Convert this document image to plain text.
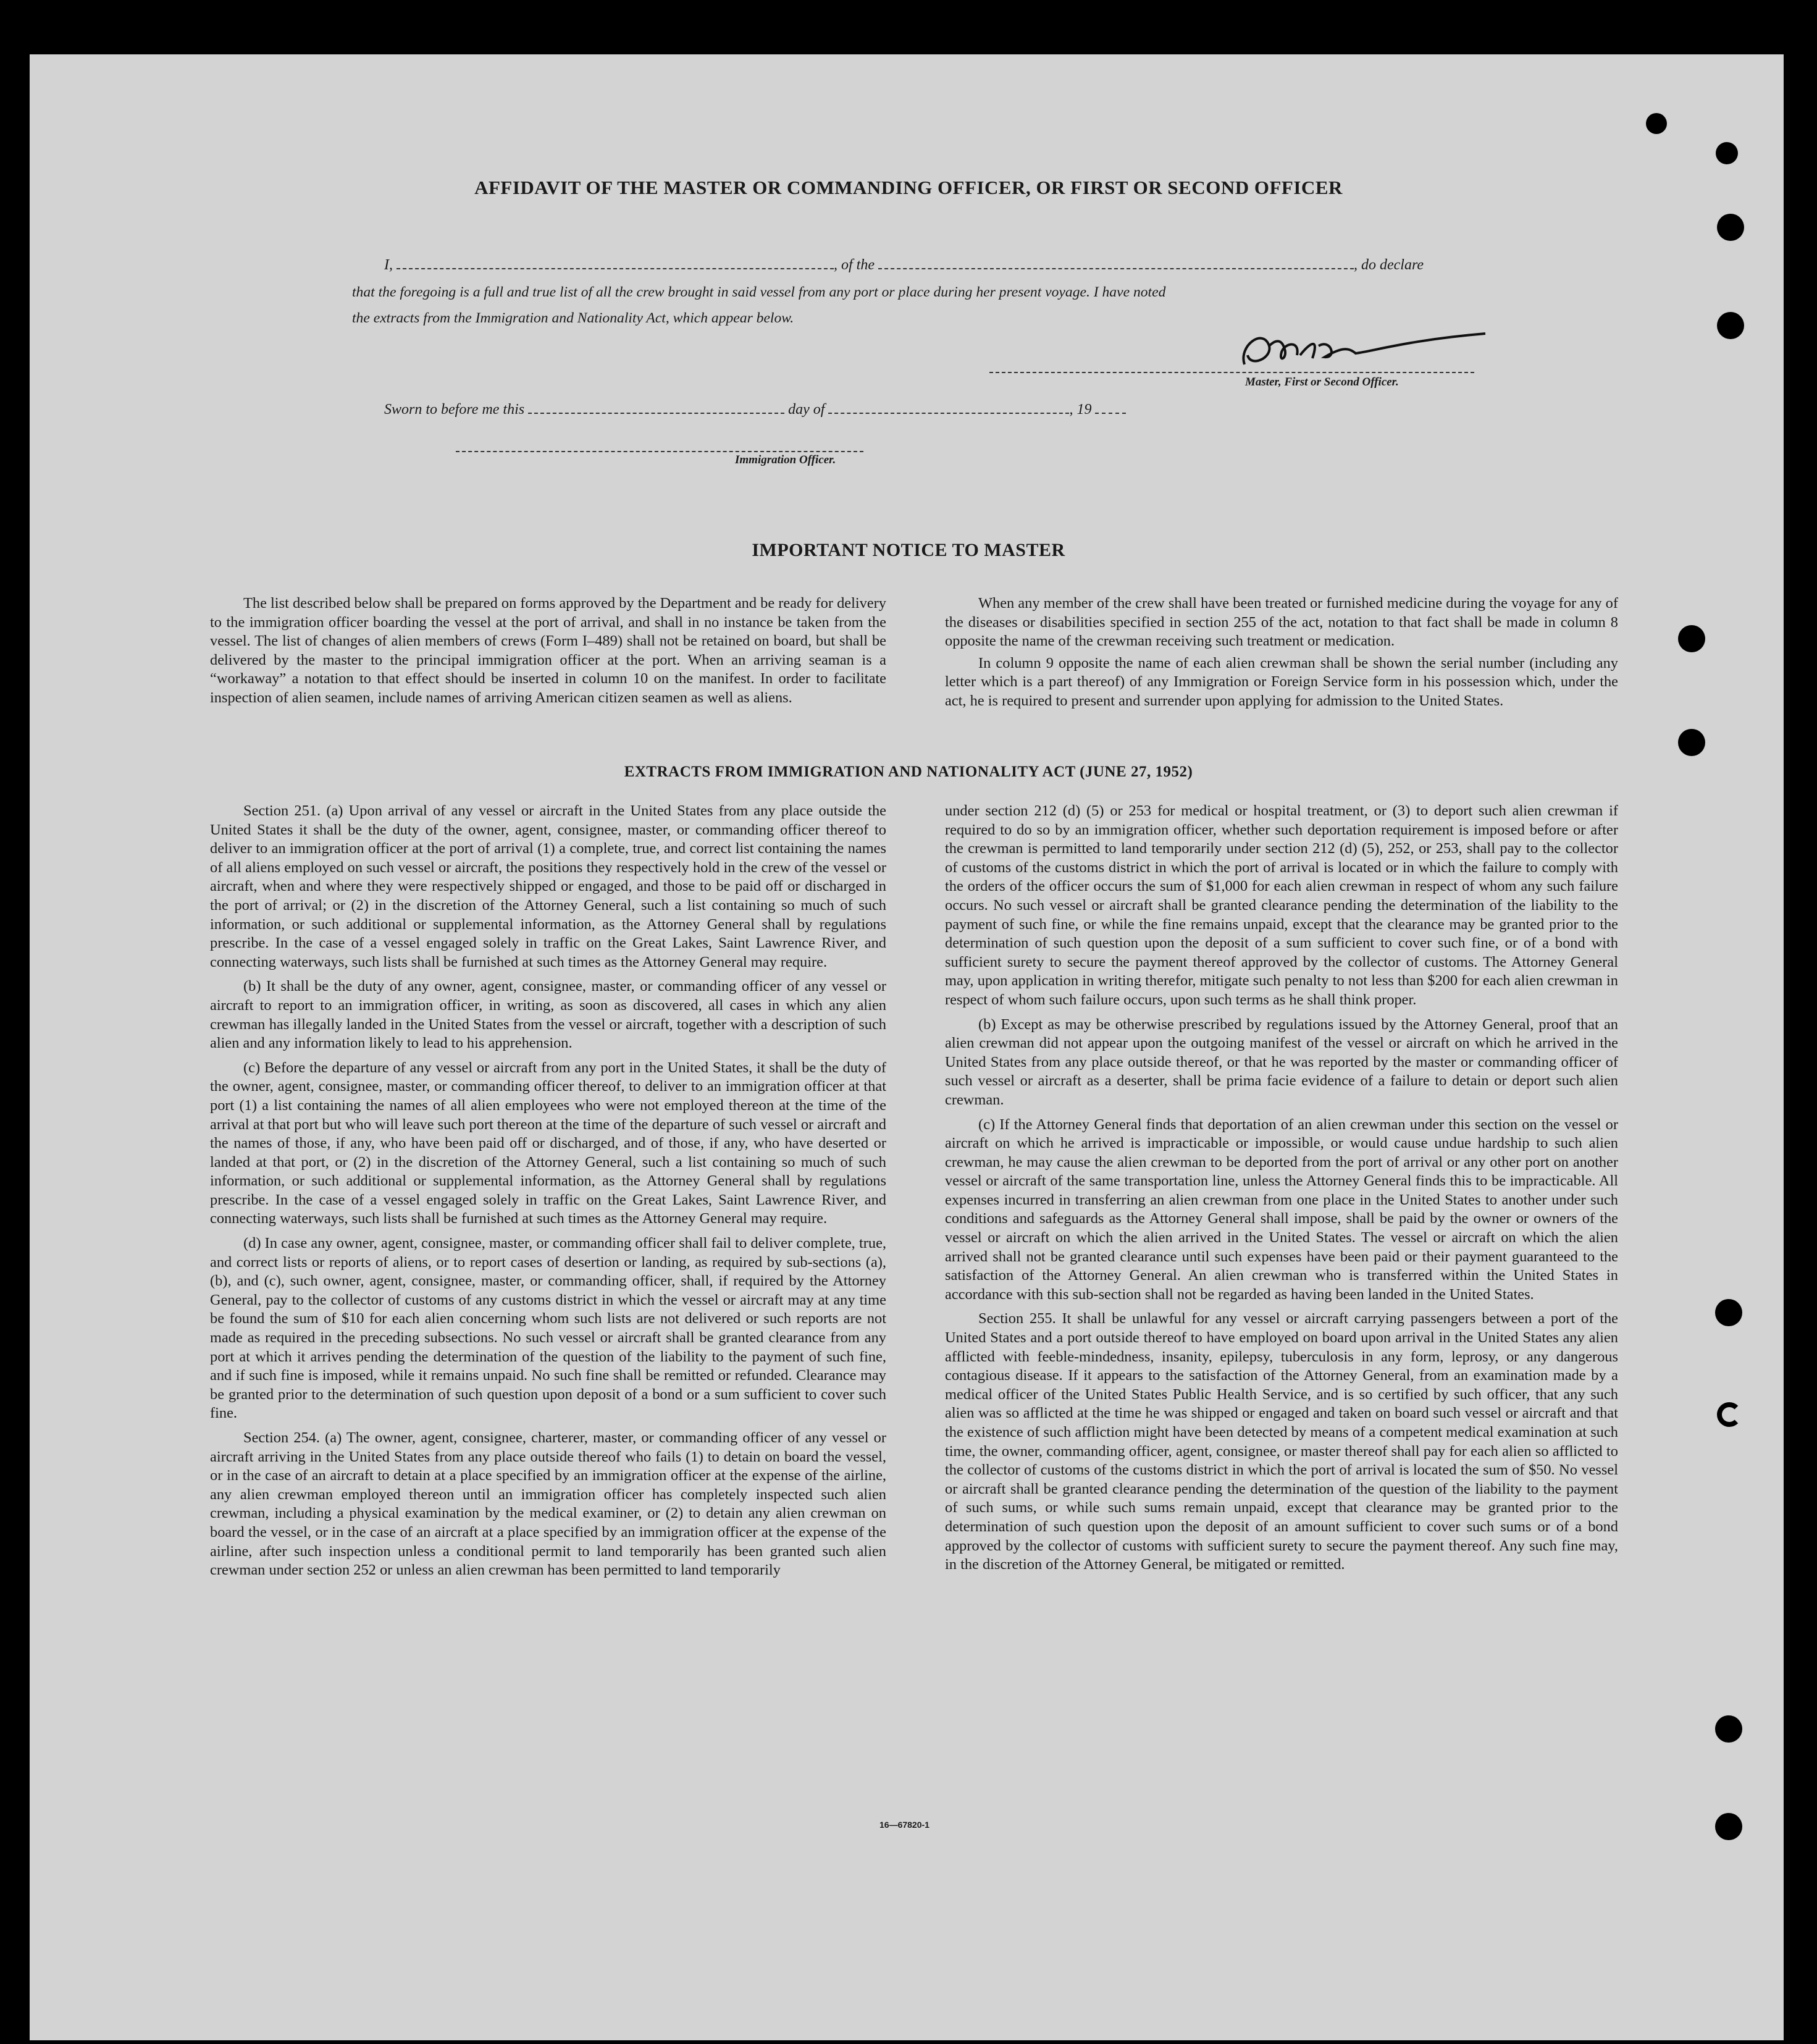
AFFIDAVIT OF THE MASTER OR COMMANDING OFFICER, OR FIRST OR SECOND OFFICER
I,	, of the	, do declare
that the foregoing is a full and true list of all the crew brought in said vessel from any port or place during her present voyage. I have noted
the extracts from the Immigration and Nationality Act, which appear below.
Master, First or Second Officer.
Sworn to before me this	day of	, 19
Immigration Officer.
IMPORTANT NOTICE TO MASTER

The list described below shall be prepared on forms approved by the Department and be ready for delivery to the immigration officer boarding the vessel at the port of arrival, and shall in no instance be taken from the vessel. The list of changes of alien members of crews (Form I–489) shall not be retained on board, but shall be delivered by the master to the principal immigration officer at the port. When an arriving seaman is a “workaway” a notation to that effect should be inserted in column 10 on the manifest. In order to facilitate inspection of alien seamen, include names of arriving American citizen seamen as well as aliens.

When any member of the crew shall have been treated or furnished medicine during the voyage for any of the diseases or disabilities specified in section 255 of the act, notation to that fact shall be made in column 8 opposite the name of the crewman receiving such treatment or medication.

In column 9 opposite the name of each alien crewman shall be shown the serial number (including any letter which is a part thereof) of any Immigration or Foreign Service form in his possession which, under the act, he is required to present and surrender upon applying for admission to the United States.

EXTRACTS FROM IMMIGRATION AND NATIONALITY ACT (JUNE 27, 1952)

Section 251. (a) Upon arrival of any vessel or aircraft in the United States from any place outside the United States it shall be the duty of the owner, agent, consignee, master, or commanding officer thereof to deliver to an immigration officer at the port of arrival (1) a complete, true, and correct list containing the names of all aliens employed on such vessel or aircraft, the positions they respectively hold in the crew of the vessel or aircraft, when and where they were respectively shipped or engaged, and those to be paid off or discharged in the port of arrival; or (2) in the discretion of the Attorney General, such a list containing so much of such information, or such additional or supplemental information, as the Attorney General shall by regulations prescribe. In the case of a vessel engaged solely in traffic on the Great Lakes, Saint Lawrence River, and connecting waterways, such lists shall be furnished at such times as the Attorney General may require.

(b) It shall be the duty of any owner, agent, consignee, master, or commanding officer of any vessel or aircraft to report to an immigration officer, in writing, as soon as discovered, all cases in which any alien crewman has illegally landed in the United States from the vessel or aircraft, together with a description of such alien and any information likely to lead to his apprehension.

(c) Before the departure of any vessel or aircraft from any port in the United States, it shall be the duty of the owner, agent, consignee, master, or commanding officer thereof, to deliver to an immigration officer at that port (1) a list containing the names of all alien employees who were not employed thereon at the time of the arrival at that port but who will leave such port thereon at the time of the departure of such vessel or aircraft and the names of those, if any, who have been paid off or discharged, and of those, if any, who have deserted or landed at that port, or (2) in the discretion of the Attorney General, such a list containing so much of such information, or such additional or supplemental information, as the Attorney General shall by regulations prescribe. In the case of a vessel engaged solely in traffic on the Great Lakes, Saint Lawrence River, and connecting waterways, such lists shall be furnished at such times as the Attorney General may require.

(d) In case any owner, agent, consignee, master, or commanding officer shall fail to deliver complete, true, and correct lists or reports of aliens, or to report cases of desertion or landing, as required by sub-sections (a), (b), and (c), such owner, agent, consignee, master, or commanding officer, shall, if required by the Attorney General, pay to the collector of customs of any customs district in which the vessel or aircraft may at any time be found the sum of $10 for each alien concerning whom such lists are not delivered or such reports are not made as required in the preceding subsections. No such vessel or aircraft shall be granted clearance from any port at which it arrives pending the determination of the question of the liability to the payment of such fine, and if such fine is imposed, while it remains unpaid. No such fine shall be remitted or refunded. Clearance may be granted prior to the determination of such question upon deposit of a bond or a sum sufficient to cover such fine.

Section 254. (a) The owner, agent, consignee, charterer, master, or commanding officer of any vessel or aircraft arriving in the United States from any place outside thereof who fails (1) to detain on board the vessel, or in the case of an aircraft to detain at a place specified by an immigration officer at the expense of the airline, any alien crewman employed thereon until an immigration officer has completely inspected such alien crewman, including a physical examination by the medical examiner, or (2) to detain any alien crewman on board the vessel, or in the case of an aircraft at a place specified by an immigration officer at the expense of the airline, after such inspection unless a conditional permit to land temporarily has been granted such alien crewman under section 252 or unless an alien crewman has been permitted to land temporarily

under section 212 (d) (5) or 253 for medical or hospital treatment, or (3) to deport such alien crewman if required to do so by an immigration officer, whether such deportation requirement is imposed before or after the crewman is permitted to land temporarily under section 212 (d) (5), 252, or 253, shall pay to the collector of customs of the customs district in which the port of arrival is located or in which the failure to comply with the orders of the officer occurs the sum of $1,000 for each alien crewman in respect of whom any such failure occurs. No such vessel or aircraft shall be granted clearance pending the determination of the liability to the payment of such fine, or while the fine remains unpaid, except that the clearance may be granted prior to the determination of such question upon the deposit of a sum sufficient to cover such fine, or of a bond with sufficient surety to secure the payment thereof approved by the collector of customs. The Attorney General may, upon application in writing therefor, mitigate such penalty to not less than $200 for each alien crewman in respect of whom such failure occurs, upon such terms as he shall think proper.

(b) Except as may be otherwise prescribed by regulations issued by the Attorney General, proof that an alien crewman did not appear upon the outgoing manifest of the vessel or aircraft on which he arrived in the United States from any place outside thereof, or that he was reported by the master or commanding officer of such vessel or aircraft as a deserter, shall be prima facie evidence of a failure to detain or deport such alien crewman.

(c) If the Attorney General finds that deportation of an alien crewman under this section on the vessel or aircraft on which he arrived is impracticable or impossible, or would cause undue hardship to such alien crewman, he may cause the alien crewman to be deported from the port of arrival or any other port on another vessel or aircraft of the same transportation line, unless the Attorney General finds this to be impracticable. All expenses incurred in transferring an alien crewman from one place in the United States to another under such conditions and safeguards as the Attorney General shall impose, shall be paid by the owner or owners of the vessel or aircraft on which the alien arrived in the United States. The vessel or aircraft on which the alien arrived shall not be granted clearance until such expenses have been paid or their payment guaranteed to the satisfaction of the Attorney General. An alien crewman who is transferred within the United States in accordance with this sub-section shall not be regarded as having been landed in the United States.

Section 255. It shall be unlawful for any vessel or aircraft carrying passengers between a port of the United States and a port outside thereof to have employed on board upon arrival in the United States any alien afflicted with feeble-mindedness, insanity, epilepsy, tuberculosis in any form, leprosy, or any dangerous contagious disease. If it appears to the satisfaction of the Attorney General, from an examination made by a medical officer of the United States Public Health Service, and is so certified by such officer, that any such alien was so afflicted at the time he was shipped or engaged and taken on board such vessel or aircraft and that the existence of such affliction might have been detected by means of a competent medical examination at such time, the owner, commanding officer, agent, consignee, or master thereof shall pay for each alien so afflicted to the collector of customs of the customs district in which the port of arrival is located the sum of $50. No vessel or aircraft shall be granted clearance pending the determination of the question of the liability to the payment of such sums, or while such sums remain unpaid, except that clearance may be granted prior to the determination of such question upon the deposit of an amount sufficient to cover such sums or of a bond approved by the collector of customs with sufficient surety to secure the payment thereof. Any such fine may, in the discretion of the Attorney General, be mitigated or remitted.

16—67820-1
